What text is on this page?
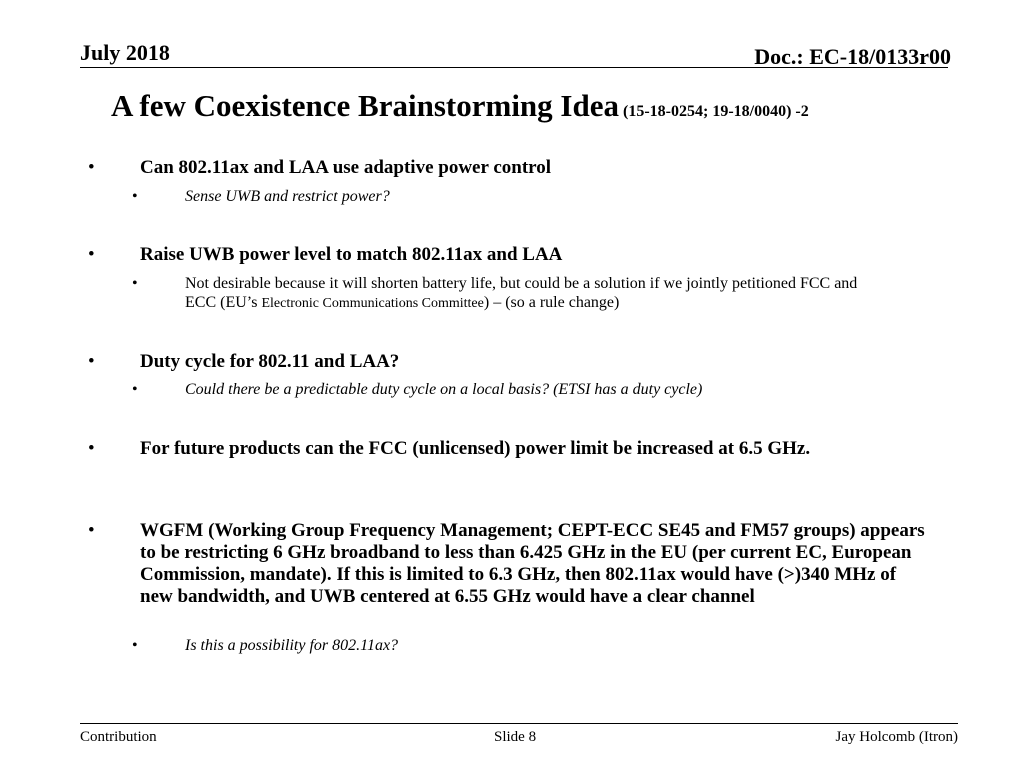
July 2018	Doc.: EC-18/0133r00
A few Coexistence Brainstorming Idea (15-18-0254; 19-18/0040) -2
• Can 802.11ax and LAA use adaptive power control
•	Sense UWB and restrict power?
• Raise UWB power level to match 802.11ax and LAA
•	Not desirable because it will shorten battery life, but could be a solution if we jointly petitioned FCC and ECC (EU’s Electronic Communications Committee) – (so a rule change)
• Duty cycle for 802.11 and LAA?
•	Could there be a predictable duty cycle on a local basis? (ETSI has a duty cycle)
• For future products can the FCC (unlicensed) power limit be increased at 6.5 GHz.
• WGFM (Working Group Frequency Management; CEPT-ECC SE45 and FM57 groups) appears to be restricting 6 GHz broadband to less than 6.425 GHz in the EU (per current EC, European Commission, mandate). If this is limited to 6.3 GHz, then 802.11ax would have (>)340 MHz of new bandwidth, and UWB centered at 6.55 GHz would have a clear channel
•	Is this a possibility for 802.11ax?
Contribution	Slide 8	Jay Holcomb (Itron)
